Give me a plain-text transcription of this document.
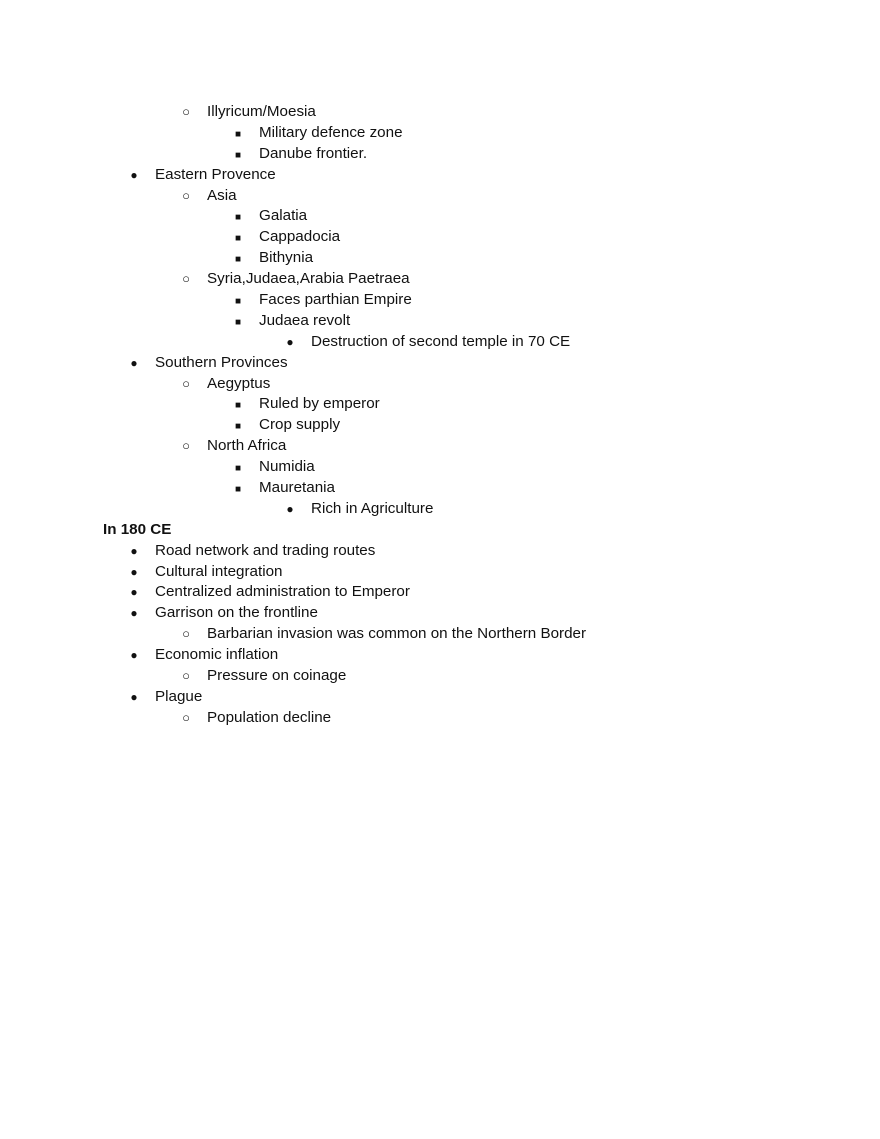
○
Illyricum/Moesia
■
Military defence zone
■
Danube frontier.
●
Eastern Provence
○
Asia
■
Galatia
■
Cappadocia
■
Bithynia
○
Syria,Judaea,Arabia Paetraea
■
Faces parthian Empire
■
Judaea revolt
●
Destruction of second temple in 70 CE
●
Southern Provinces
○
Aegyptus
■
Ruled by emperor
■
Crop supply
○
North Africa
■
Numidia
■
Mauretania
●
Rich in Agriculture
In 180 CE
●
Road network and trading routes
●
Cultural integration
●
Centralized administration to Emperor
●
Garrison on the frontline
○
Barbarian invasion was common on the Northern Border
●
Economic inflation
○
Pressure on coinage
●
Plague
○
Population decline
